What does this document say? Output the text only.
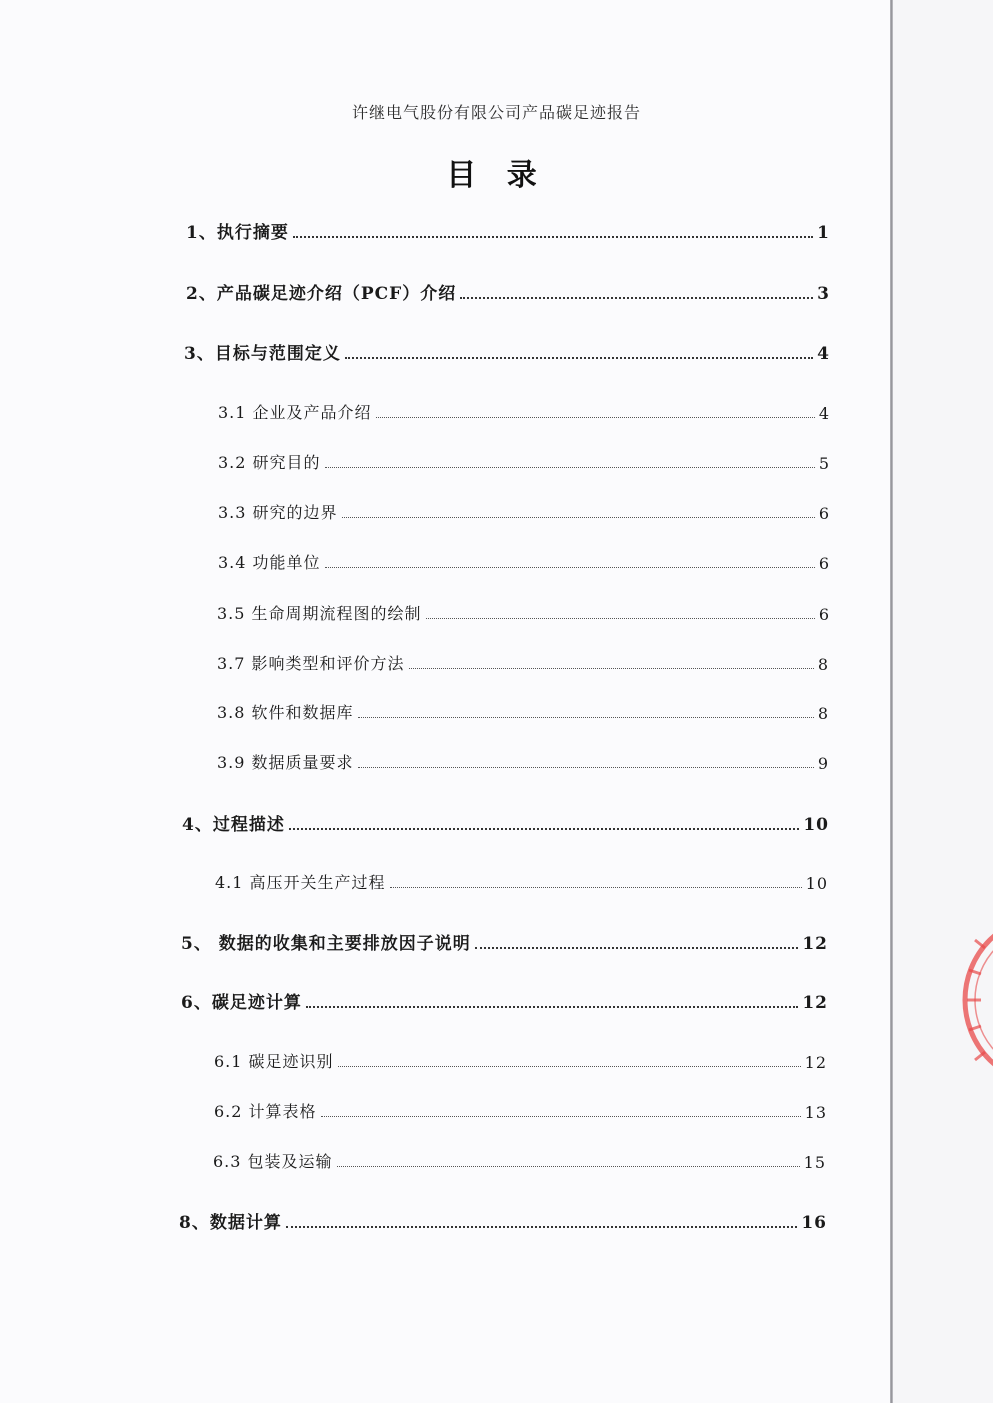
许继电气股份有限公司产品碳足迹报告
目 录
1、执行摘要	1
2、产品碳足迹介绍（PCF）介绍	3
3、目标与范围定义	4
3.1 企业及产品介绍	4
3.2 研究目的	5
3.3 研究的边界	6
3.4 功能单位	6
3.5 生命周期流程图的绘制	6
3.7 影响类型和评价方法	8
3.8 软件和数据库	8
3.9 数据质量要求	9
4、过程描述	10
4.1 高压开关生产过程	10
5、 数据的收集和主要排放因子说明	12
6、碳足迹计算	12
6.1 碳足迹识别	12
6.2 计算表格	13
6.3 包装及运输	15
8、数据计算	16
